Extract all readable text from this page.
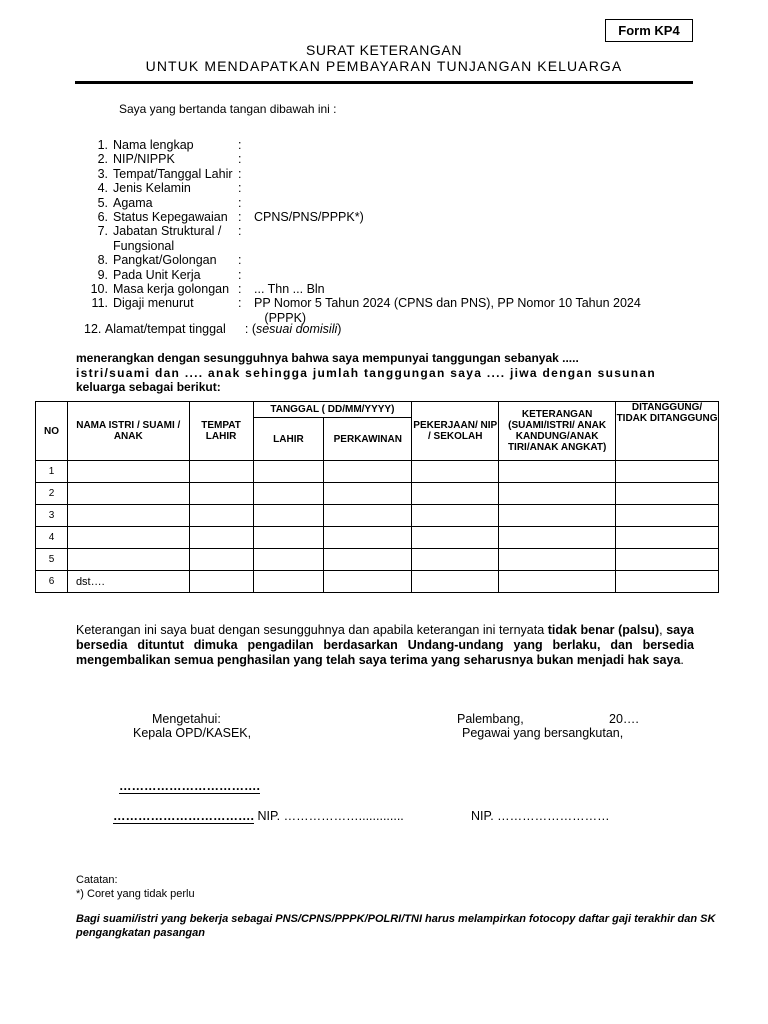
Form KP4
SURAT KETERANGAN
UNTUK MENDAPATKAN PEMBAYARAN TUNJANGAN KELUARGA
Saya yang bertanda tangan dibawah ini :
1. Nama lengkap	:
2. NIP/NIPPK	:
3. Tempat/Tanggal Lahir :
4. Jenis Kelamin	:
5. Agama	:
6. Status Kepegawaian :	CPNS/PNS/PPPK*)
7. Jabatan Struktural /	:
Fungsional
8. Pangkat/Golongan	:
9. Pada Unit Kerja	:
10. Masa kerja golongan :	... Thn ... Bln
11. Digaji menurut	:	PP Nomor 5 Tahun 2024 (CPNS dan PNS), PP Nomor 10 Tahun 2024
(PPPK)
12. Alamat/tempat tinggal : (sesuai domisili)
menerangkan dengan sesungguhnya bahwa saya mempunyai tanggungan sebanyak .....
istri/suami dan .... anak sehingga jumlah tanggungan saya .... jiwa dengan susunan
keluarga sebagai berikut:
NO	NAMA ISTRI / SUAMI / ANAK	TEMPAT LAHIR	TANGGAL ( DD/MM/YYYY)		PEKERJAAN/ NIP / SEKOLAH	KETERANGAN (SUAMI/ISTRI/ ANAK KANDUNG/ANAK TIRI/ANAK ANGKAT)	DITANGGUNG/ TIDAK DITANGGUNG
			LAHIR	PERKAWINAN			
1							
2							
3							
4							
5							
6	dst….						
Keterangan ini saya buat dengan sesungguhnya dan apabila keterangan ini ternyata tidak benar (palsu), saya bersedia dituntut dimuka pengadilan berdasarkan Undang-undang yang berlaku, dan bersedia mengembalikan semua penghasilan yang telah saya terima yang seharusnya bukan menjadi hak saya.
Mengetahui:
Kepala OPD/KASEK,
Palembang,	20….
Pegawai yang bersangkutan,
…………………………….
……………………………. NIP. ……………….............	NIP. ………………………
Catatan:
*) Coret yang tidak perlu
Bagi suami/istri yang bekerja sebagai PNS/CPNS/PPPK/POLRI/TNI harus melampirkan fotocopy daftar gaji terakhir dan SK pengangkatan pasangan
